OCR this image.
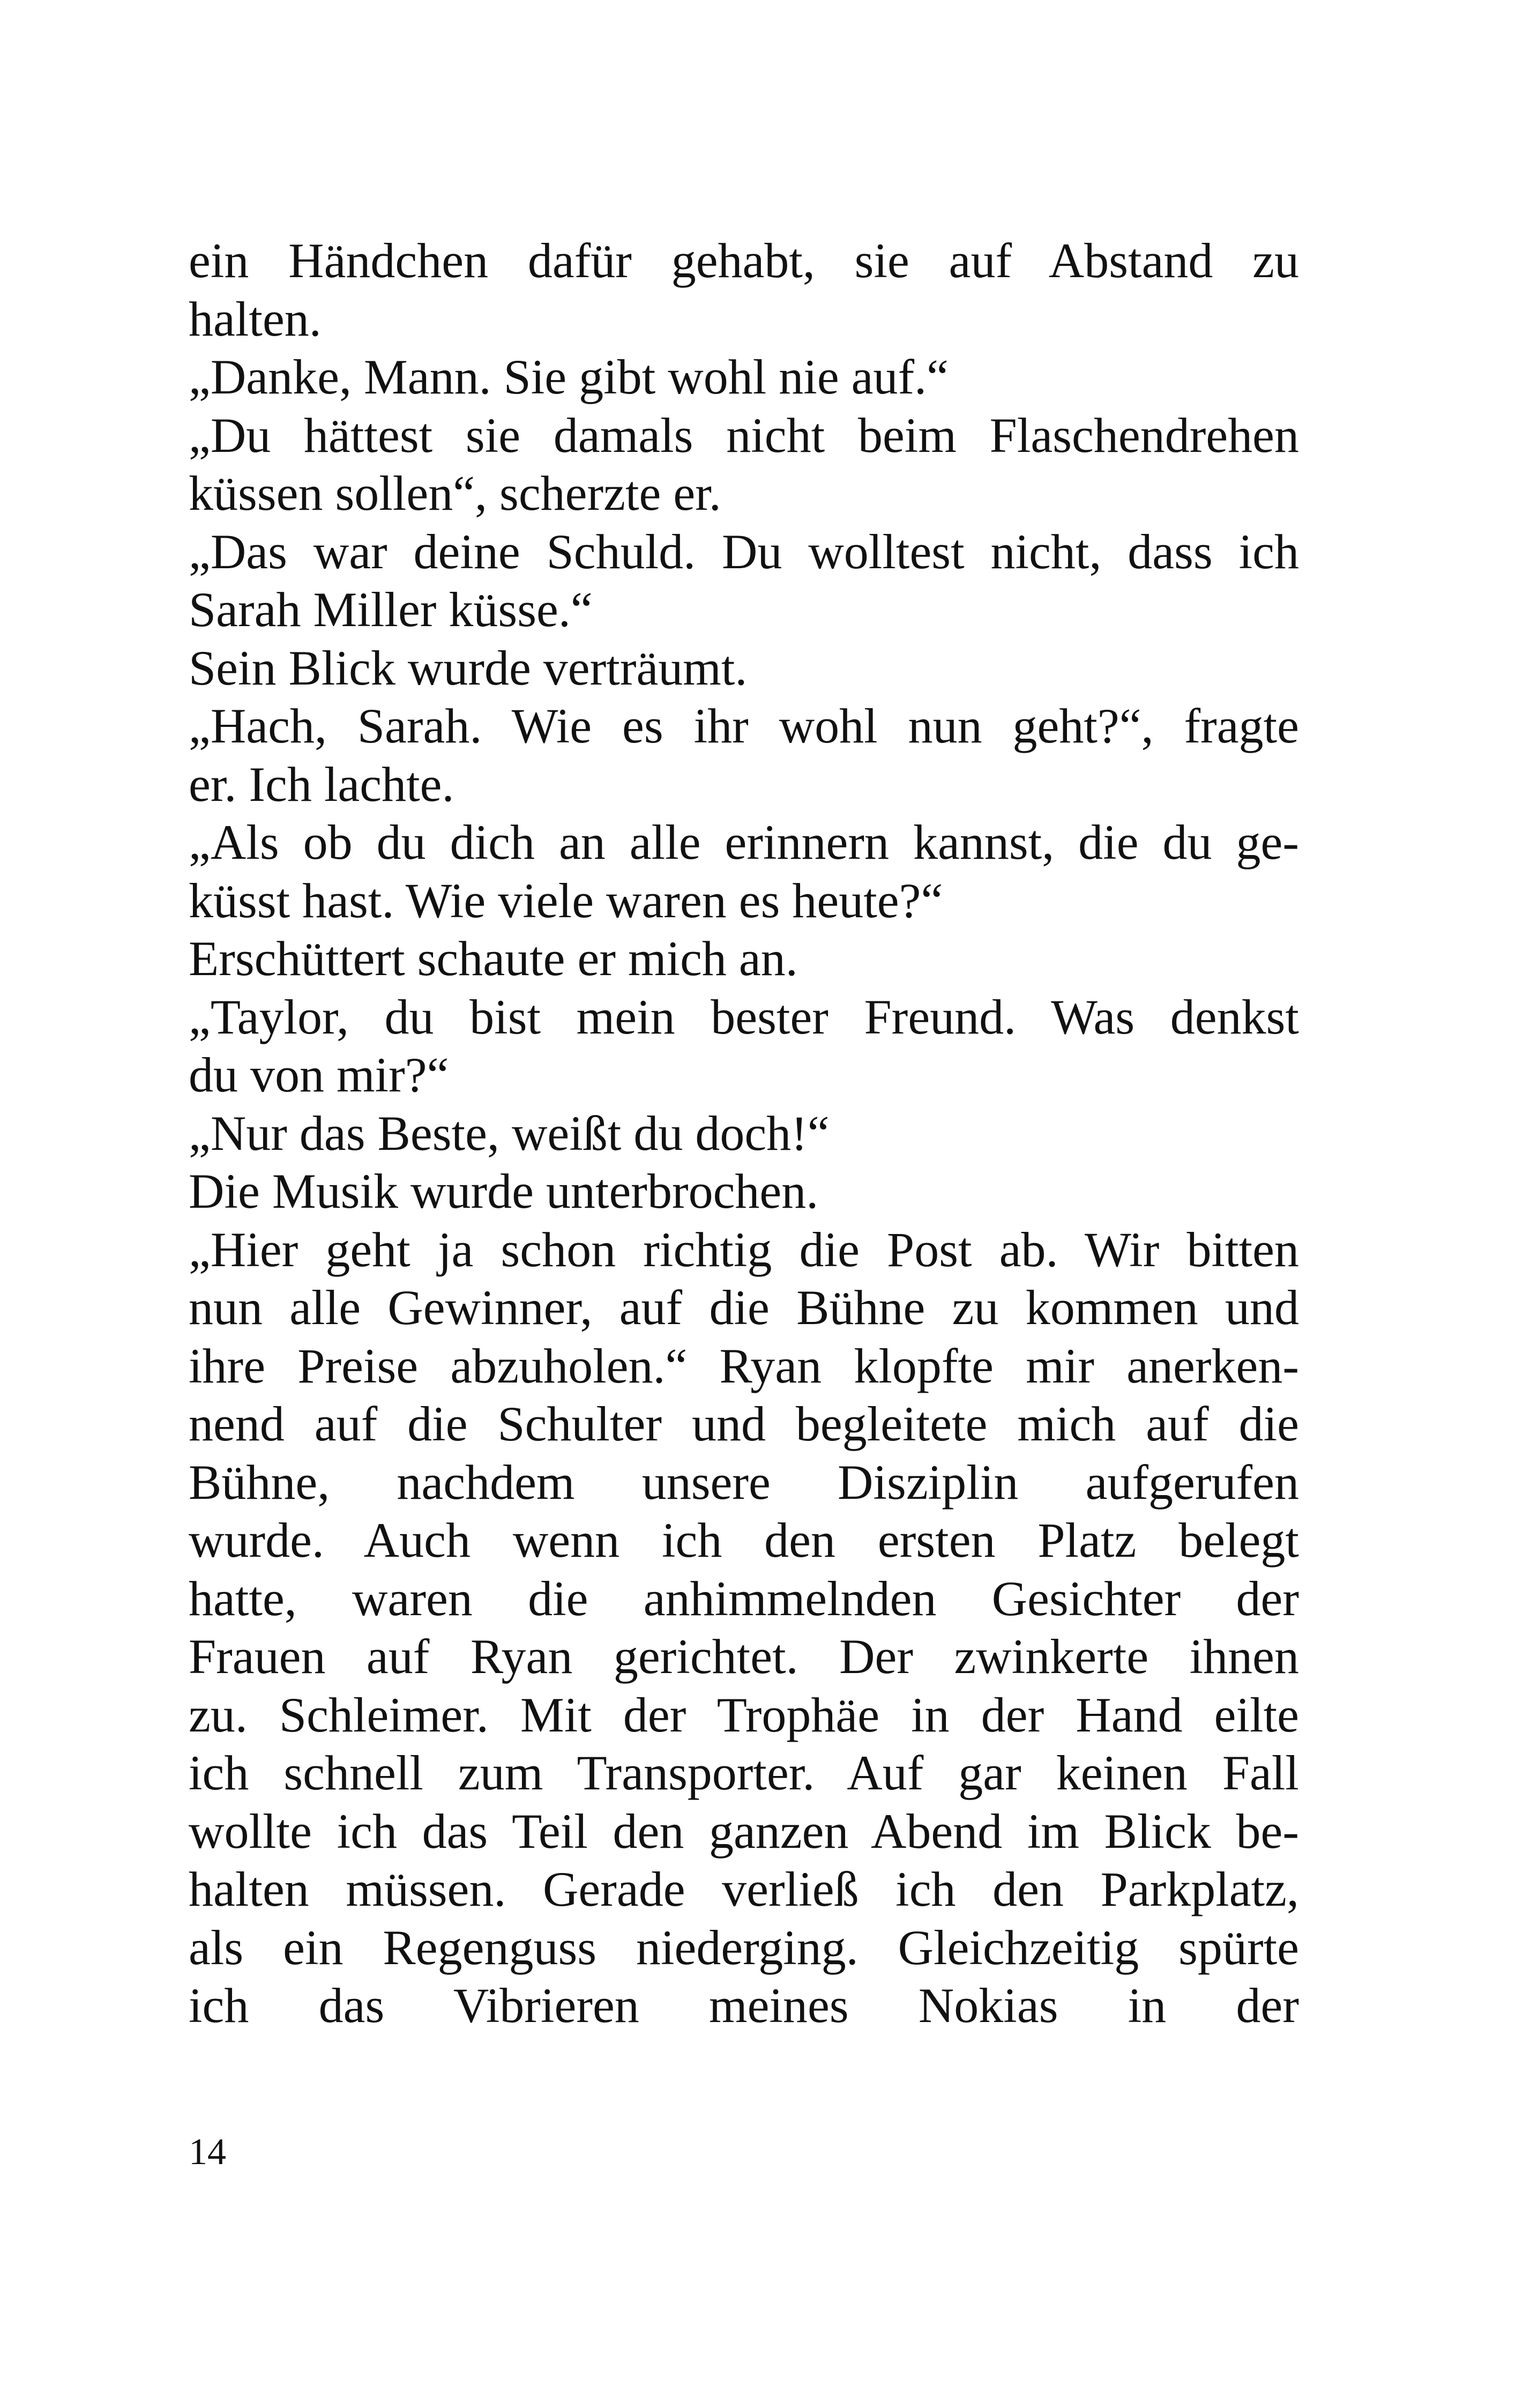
ein Händchen dafür gehabt, sie auf Abstand zu
halten.
„Danke, Mann. Sie gibt wohl nie auf.“
„Du hättest sie damals nicht beim Flaschendrehen
küssen sollen“, scherzte er.
„Das war deine Schuld. Du wolltest nicht, dass ich
Sarah Miller küsse.“
Sein Blick wurde verträumt.
„Hach, Sarah. Wie es ihr wohl nun geht?“, fragte
er. Ich lachte.
„Als ob du dich an alle erinnern kannst, die du ge-
küsst hast. Wie viele waren es heute?“
Erschüttert schaute er mich an.
„Taylor, du bist mein bester Freund. Was denkst
du von mir?“
„Nur das Beste, weißt du doch!“
Die Musik wurde unterbrochen.
„Hier geht ja schon richtig die Post ab. Wir bitten
nun alle Gewinner, auf die Bühne zu kommen und
ihre Preise abzuholen.“ Ryan klopfte mir anerken-
nend auf die Schulter und begleitete mich auf die
Bühne, nachdem unsere Disziplin aufgerufen
wurde. Auch wenn ich den ersten Platz belegt
hatte, waren die anhimmelnden Gesichter der
Frauen auf Ryan gerichtet. Der zwinkerte ihnen
zu. Schleimer. Mit der Trophäe in der Hand eilte
ich schnell zum Transporter. Auf gar keinen Fall
wollte ich das Teil den ganzen Abend im Blick be-
halten müssen. Gerade verließ ich den Parkplatz,
als ein Regenguss niederging. Gleichzeitig spürte
ich das Vibrieren meines Nokias in der
14
